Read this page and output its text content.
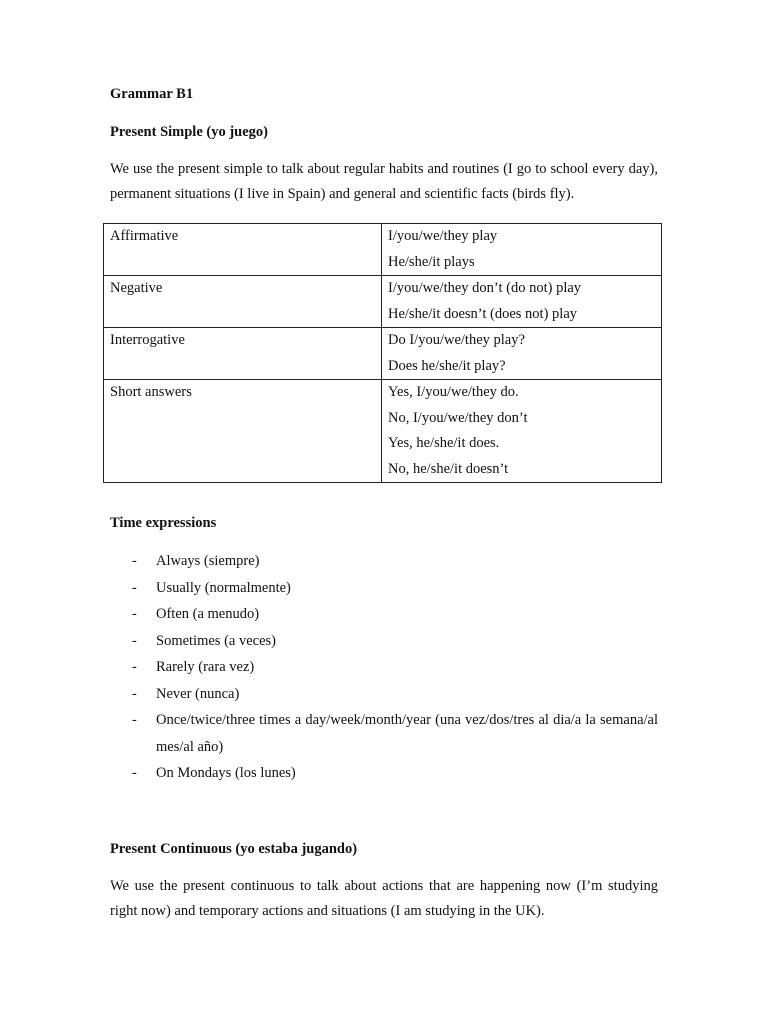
Grammar B1
Present Simple (yo juego)

We use the present simple to talk about regular habits and routines (I go to school every day), permanent situations (I live in Spain) and general and scientific facts (birds fly).

Affirmative	I/you/we/they play
He/she/it plays

Negative	I/you/we/they don’t (do not) play
He/she/it doesn’t (does not) play

Interrogative	Do I/you/we/they play?
Does he/she/it play?

Short answers	Yes, I/you/we/they do.
No, I/you/we/they don’t
Yes, he/she/it does.
No, he/she/it doesn’t
Time expressions
- Always (siempre)
- Usually (normalmente)
- Often (a menudo)
- Sometimes (a veces)
- Rarely (rara vez)
- Never (nunca)
- Once/twice/three times a day/week/month/year (una vez/dos/tres al dia/a la semana/al mes/al año)
- On Mondays (los lunes)
Present Continuous (yo estaba jugando)

We use the present continuous to talk about actions that are happening now (I’m studying right now) and temporary actions and situations (I am studying in the UK).
